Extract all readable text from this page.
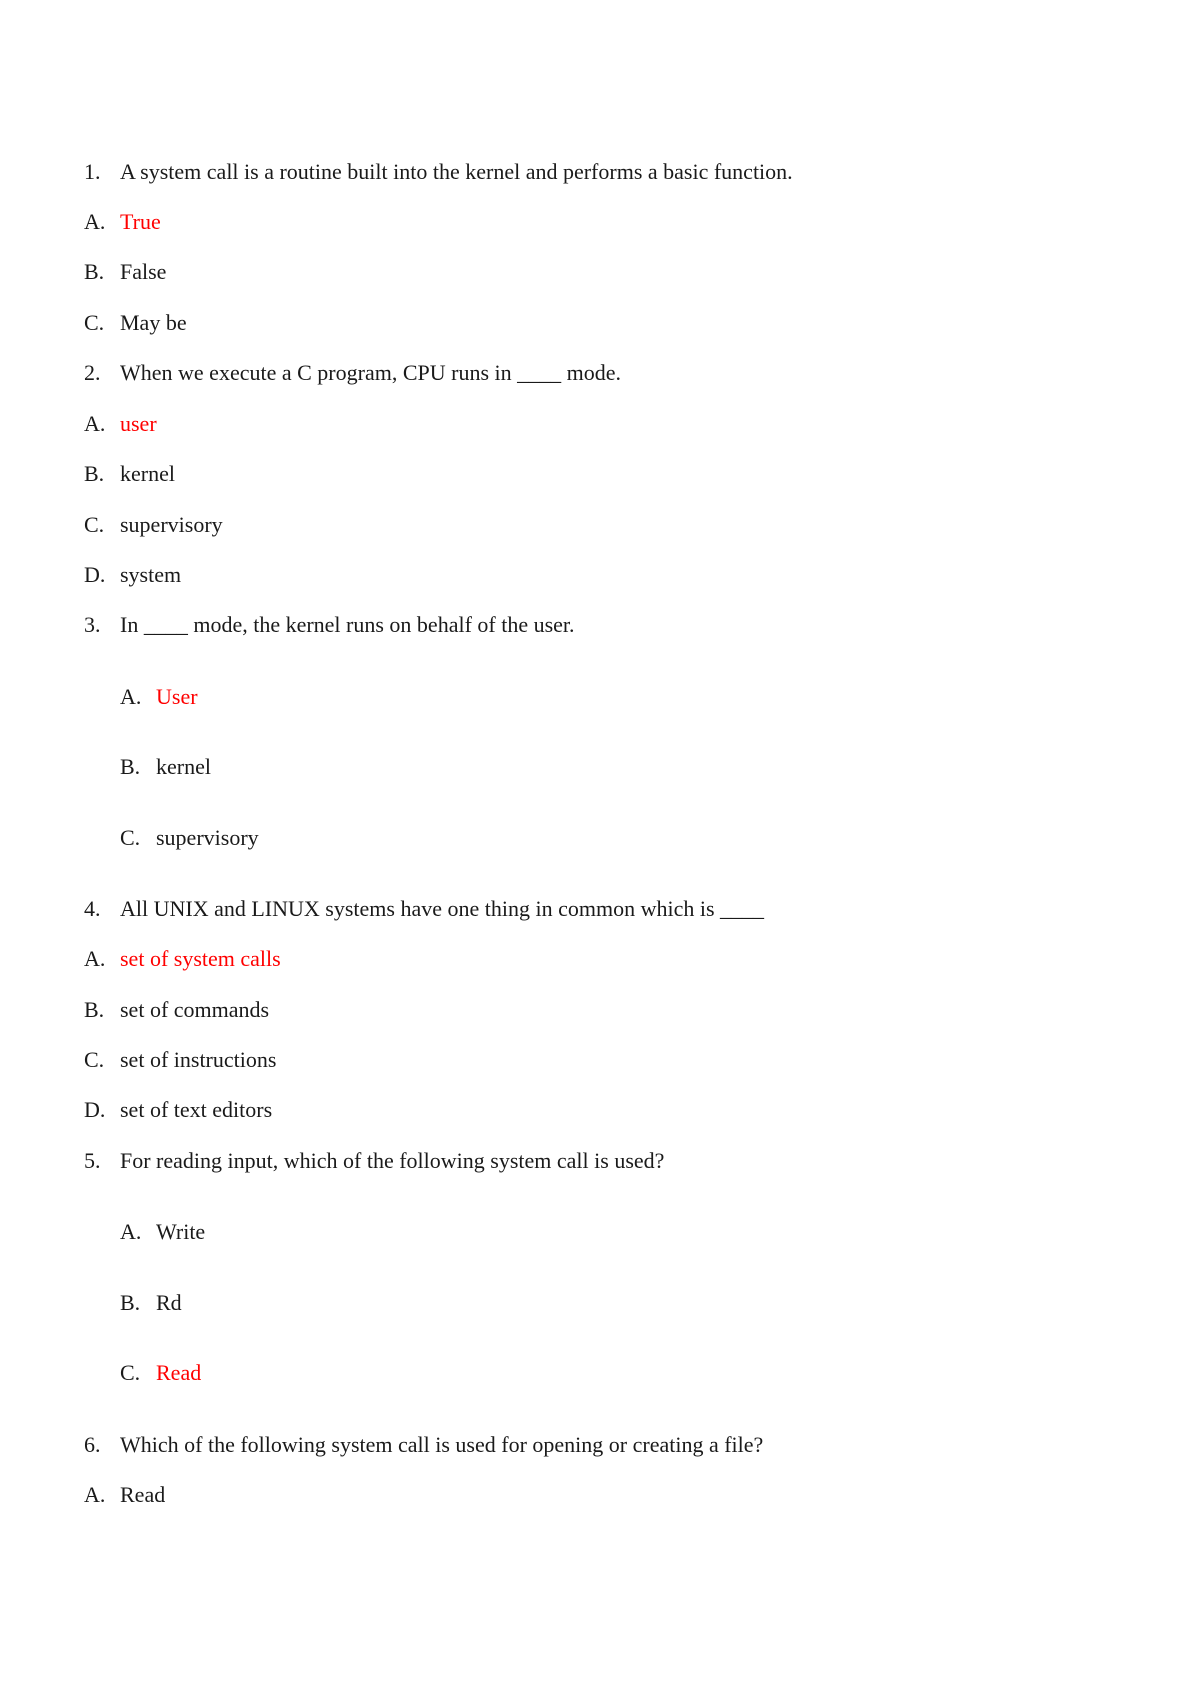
1. A system call is a routine built into the kernel and performs a basic function.
A. True
B. False
C. May be
2. When we execute a C program, CPU runs in ____ mode.
A. user
B. kernel
C. supervisory
D. system
3. In ____ mode, the kernel runs on behalf of the user.
A. User
B. kernel
C. supervisory
4. All UNIX and LINUX systems have one thing in common which is ____
A. set of system calls
B. set of commands
C. set of instructions
D. set of text editors
5. For reading input, which of the following system call is used?
A. Write
B. Rd
C. Read
6. Which of the following system call is used for opening or creating a file?
A. Read
